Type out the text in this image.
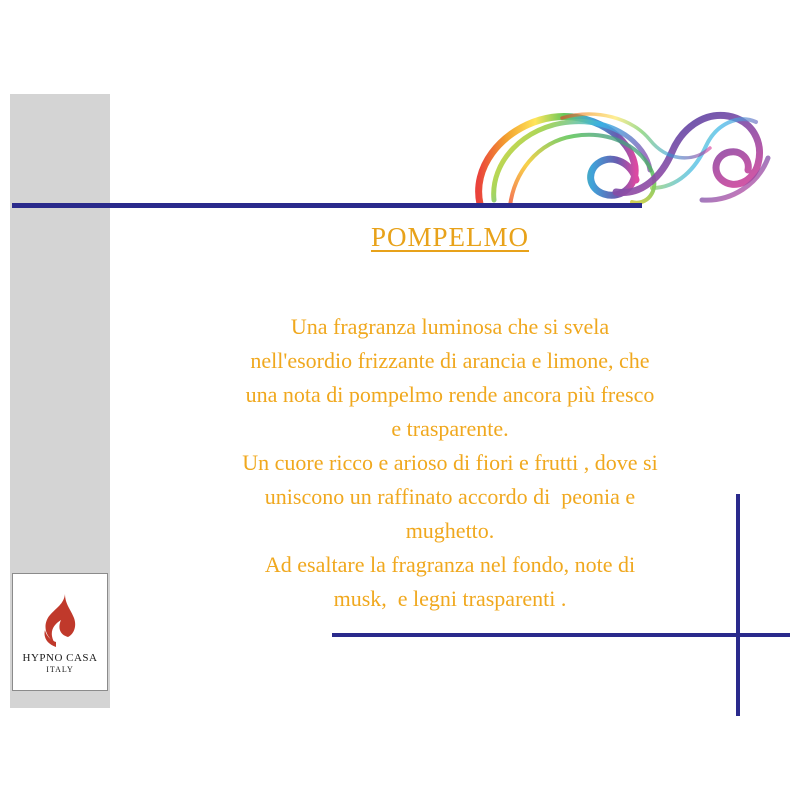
POMPELMO
Una fragranza luminosa che si svela
nell'esordio frizzante di arancia e limone, che
una nota di pompelmo rende ancora più fresco
e trasparente.
Un cuore ricco e arioso di fiori e frutti , dove si
uniscono un raffinato accordo di  peonia e
mughetto.
Ad esaltare la fragranza nel fondo, note di
musk,  e legni trasparenti .
HYPNO CASA
ITALY
